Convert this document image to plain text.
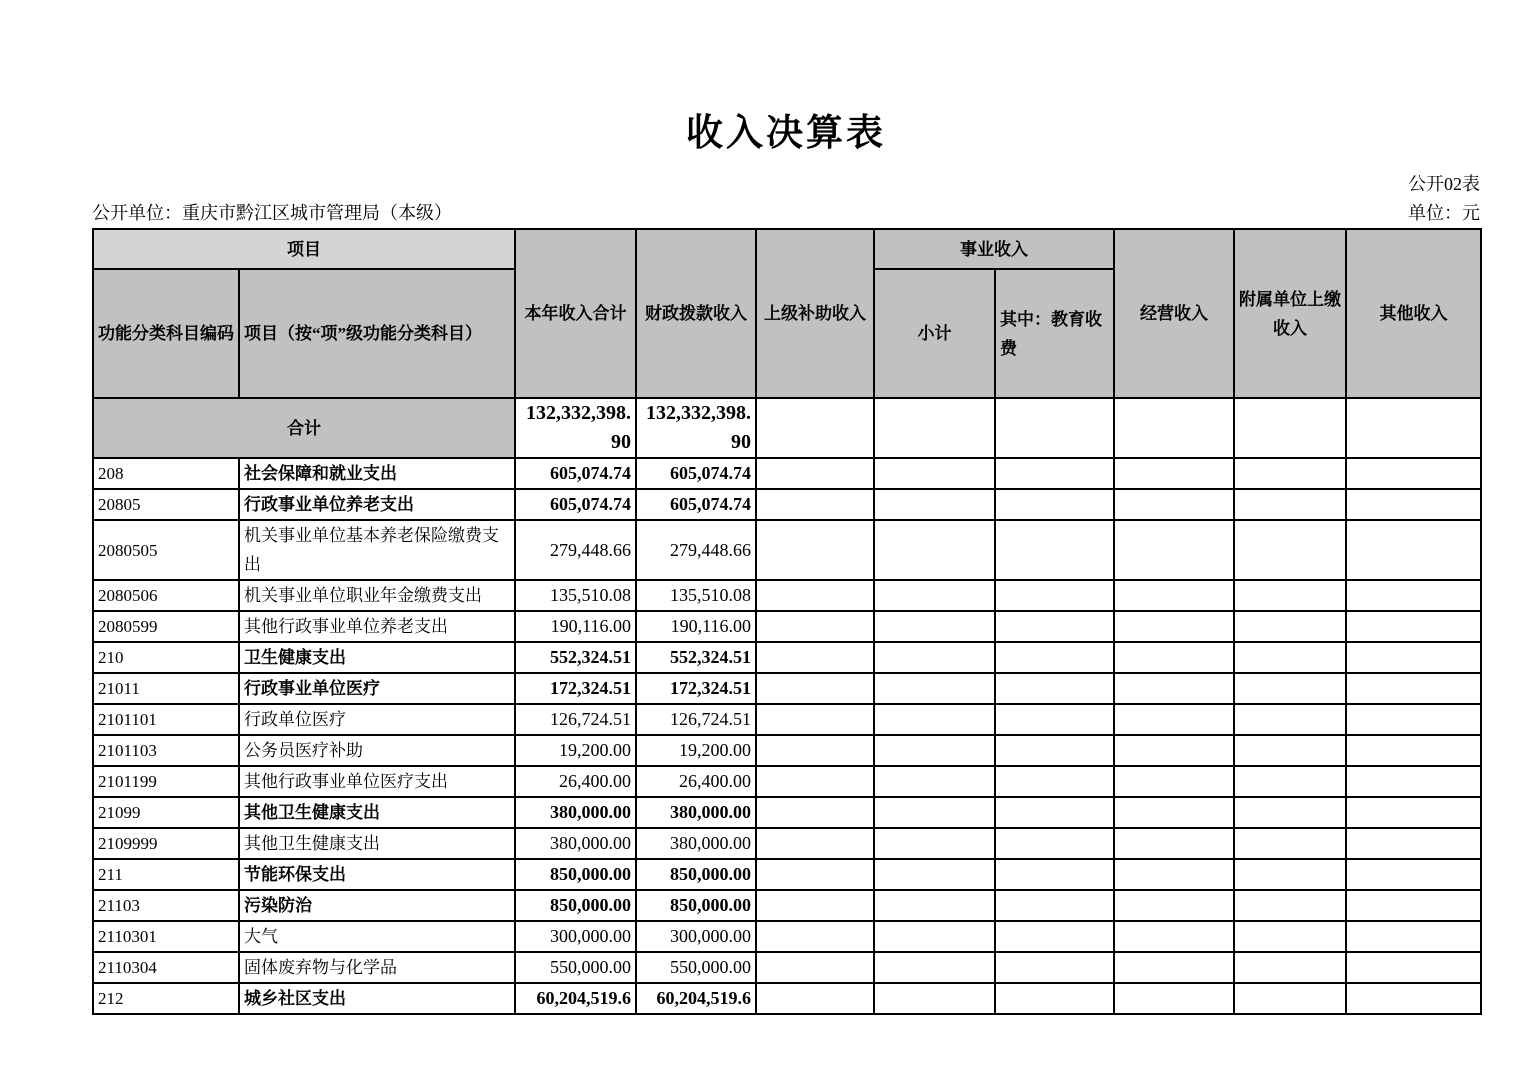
收入决算表
公开02表
公开单位：重庆市黔江区城市管理局（本级）	单位：元
项目		本年收入合计	财政拨款收入	上级补助收入	事业收入		经营收入	附属单位上缴收入	其他收入
功能分类科目编码	项目（按“项”级功能分类科目）				小计	其中：教育收费			
合计		132,332,398.90	132,332,398.90						
208	社会保障和就业支出	605,074.74	605,074.74						
20805	行政事业单位养老支出	605,074.74	605,074.74						
2080505	机关事业单位基本养老保险缴费支出	279,448.66	279,448.66						
2080506	机关事业单位职业年金缴费支出	135,510.08	135,510.08						
2080599	其他行政事业单位养老支出	190,116.00	190,116.00						
210	卫生健康支出	552,324.51	552,324.51						
21011	行政事业单位医疗	172,324.51	172,324.51						
2101101	行政单位医疗	126,724.51	126,724.51						
2101103	公务员医疗补助	19,200.00	19,200.00						
2101199	其他行政事业单位医疗支出	26,400.00	26,400.00						
21099	其他卫生健康支出	380,000.00	380,000.00						
2109999	其他卫生健康支出	380,000.00	380,000.00						
211	节能环保支出	850,000.00	850,000.00						
21103	污染防治	850,000.00	850,000.00						
2110301	大气	300,000.00	300,000.00						
2110304	固体废弃物与化学品	550,000.00	550,000.00						
212	城乡社区支出	60,204,519.6	60,204,519.6						
